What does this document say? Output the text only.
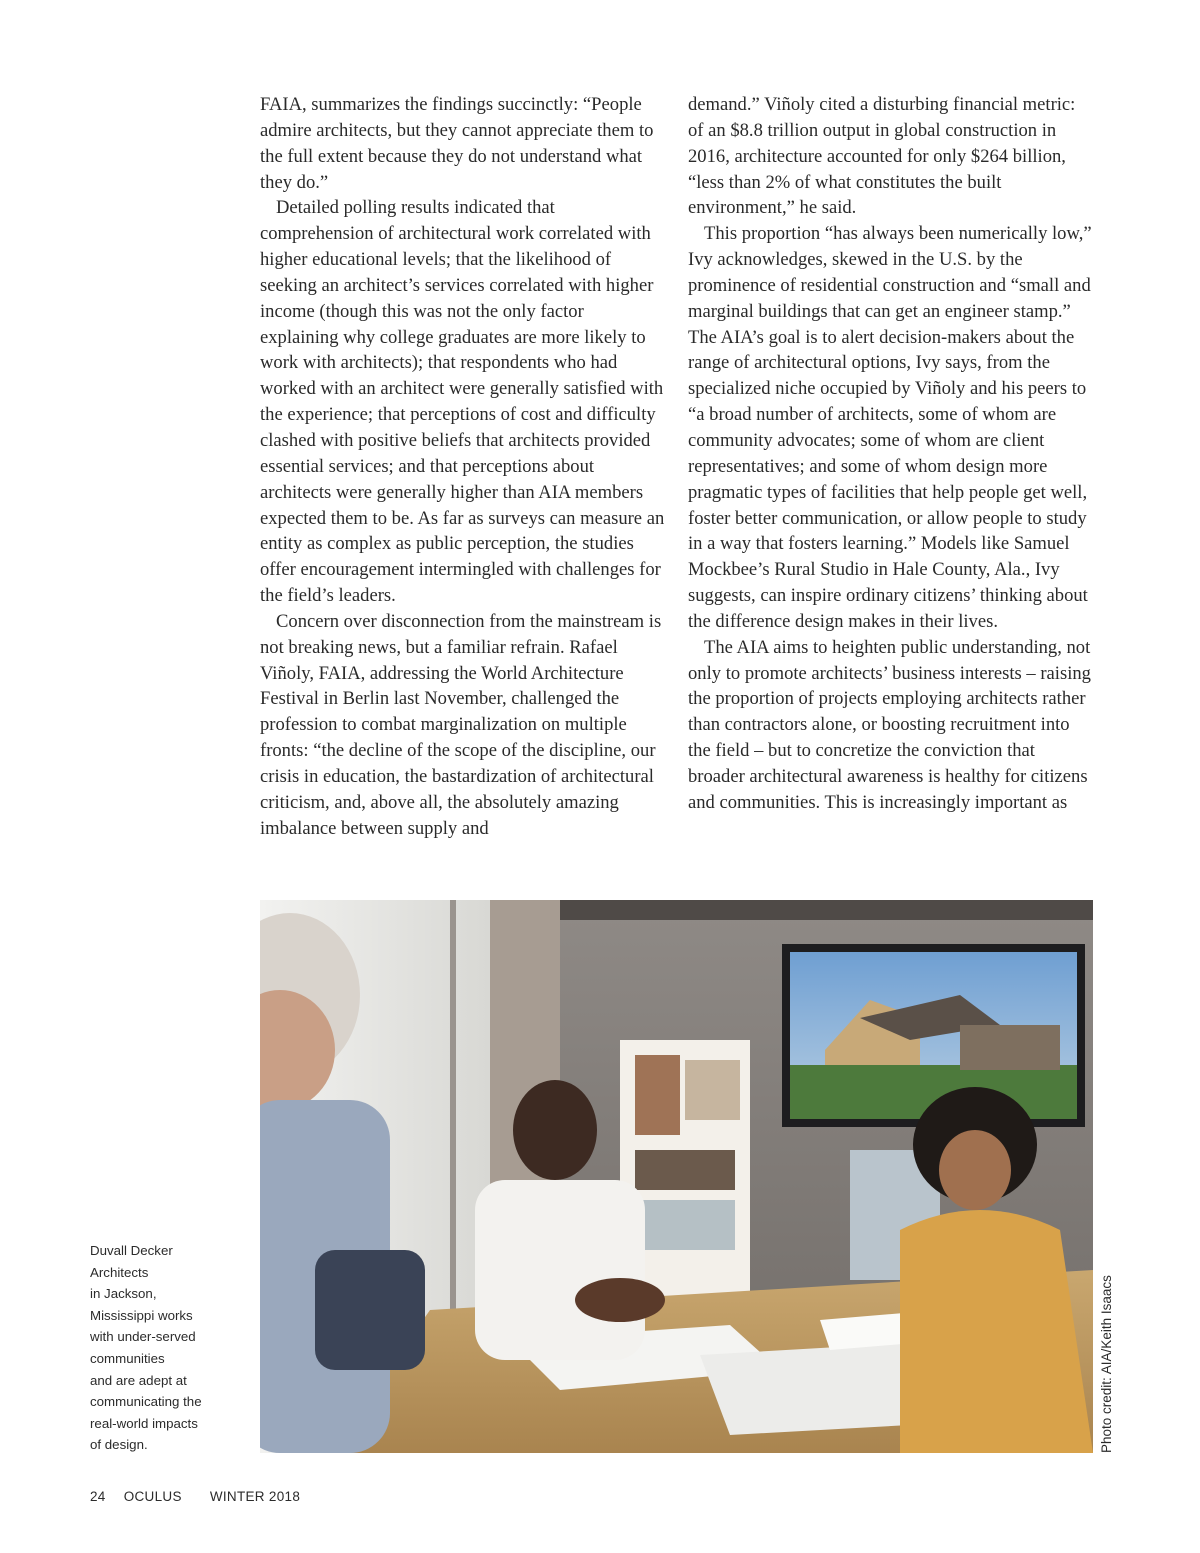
FAIA, summarizes the findings succinctly: “People admire architects, but they cannot appreciate them to the full extent because they do not understand what they do.”

Detailed polling results indicated that comprehension of architectural work correlated with higher educational levels; that the likelihood of seeking an architect’s services correlated with higher income (though this was not the only factor explaining why college graduates are more likely to work with architects); that respondents who had worked with an architect were generally satisfied with the experience; that perceptions of cost and difficulty clashed with positive beliefs that architects provided essential services; and that perceptions about architects were generally higher than AIA members expected them to be. As far as surveys can measure an entity as complex as public perception, the studies offer encouragement intermingled with challenges for the field’s leaders.

Concern over disconnection from the mainstream is not breaking news, but a familiar refrain. Rafael Viñoly, FAIA, addressing the World Architecture Festival in Berlin last November, challenged the profession to combat marginalization on multiple fronts: “the decline of the scope of the discipline, our crisis in education, the bastardization of architectural criticism, and, above all, the absolutely amazing imbalance between supply and

demand.” Viñoly cited a disturbing financial metric: of an $8.8 trillion output in global construction in 2016, architecture accounted for only $264 billion, “less than 2% of what constitutes the built environment,” he said.

This proportion “has always been numerically low,” Ivy acknowledges, skewed in the U.S. by the prominence of residential construction and “small and marginal buildings that can get an engineer stamp.” The AIA’s goal is to alert decision-makers about the range of architectural options, Ivy says, from the specialized niche occupied by Viñoly and his peers to “a broad number of architects, some of whom are community advocates; some of whom are client representatives; and some of whom design more pragmatic types of facilities that help people get well, foster better communication, or allow people to study in a way that fosters learning.” Models like Samuel Mockbee’s Rural Studio in Hale County, Ala., Ivy suggests, can inspire ordinary citizens’ thinking about the difference design makes in their lives.

The AIA aims to heighten public understanding, not only to promote architects’ business interests – raising the proportion of projects employing architects rather than contractors alone, or boosting recruitment into the field – but to concretize the conviction that broader architectural awareness is healthy for citizens and communities. This is increasingly important as

Duvall Decker
Architects
in Jackson,
Mississippi works
with under-served
communities
and are adept at
communicating the
real-world impacts
of design.	Photo credit: AIA/Keith Isaacs
24 OCULUS WINTER 2018
